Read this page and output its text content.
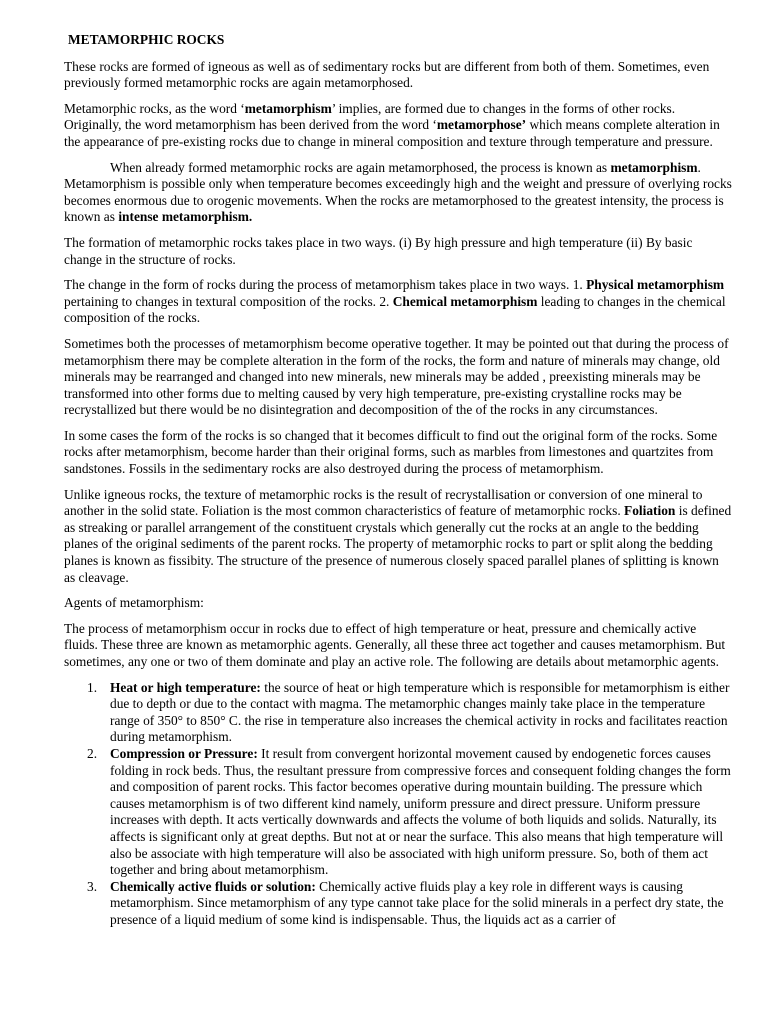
METAMORPHIC ROCKS

These rocks are formed of igneous as well as of sedimentary rocks but are different from both of them. Sometimes, even previously formed metamorphic rocks are again metamorphosed.

Metamorphic rocks, as the word ‘metamorphism’ implies, are formed due to changes in the forms of other rocks. Originally, the word metamorphism has been derived from the word ‘metamorphose’ which means complete alteration in the appearance of pre-existing rocks due to change in mineral composition and texture through temperature and pressure.

When already formed metamorphic rocks are again metamorphosed, the process is known as metamorphism. Metamorphism is possible only when temperature becomes exceedingly high and the weight and pressure of overlying rocks becomes enormous due to orogenic movements. When the rocks are metamorphosed to the greatest intensity, the process is known as intense metamorphism.

The formation of metamorphic rocks takes place in two ways. (i) By high pressure and high temperature (ii) By basic change in the structure of rocks.

The change in the form of rocks during the process of metamorphism takes place in two ways. 1. Physical metamorphism pertaining to changes in textural composition of the rocks. 2. Chemical metamorphism leading to changes in the chemical composition of the rocks.

Sometimes both the processes of metamorphism become operative together. It may be pointed out that during the process of metamorphism there may be complete alteration in the form of the rocks, the form and nature of minerals may change, old minerals may be rearranged and changed into new minerals, new minerals may be added , preexisting minerals may be transformed into other forms due to melting caused by very high temperature, pre-existing crystalline rocks may be recrystallized but there would be no disintegration and decomposition of the of the rocks in any circumstances.

In some cases the form of the rocks is so changed that it becomes difficult to find out the original form of the rocks. Some rocks after metamorphism, become harder than their original forms, such as marbles from limestones and quartzites from sandstones. Fossils in the sedimentary rocks are also destroyed during the process of metamorphism.

Unlike igneous rocks, the texture of metamorphic rocks is the result of recrystallisation or conversion of one mineral to another in the solid state. Foliation is the most common characteristics of feature of metamorphic rocks. Foliation is defined as streaking or parallel arrangement of the constituent crystals which generally cut the rocks at an angle to the bedding planes of the original sediments of the parent rocks. The property of metamorphic rocks to part or split along the bedding planes is known as fissibity. The structure of the presence of numerous closely spaced parallel planes of splitting is known as cleavage.

Agents of metamorphism:

The process of metamorphism occur in rocks due to effect of high temperature or heat, pressure and chemically active fluids. These three are known as metamorphic agents. Generally, all these three act together and causes metamorphism. But sometimes, any one or two of them dominate and play an active role. The following are details about metamorphic agents.

1. Heat or high temperature: the source of heat or high temperature which is responsible for metamorphism is either due to depth or due to the contact with magma. The metamorphic changes mainly take place in the temperature range of 350° to 850° C. the rise in temperature also increases the chemical activity in rocks and facilitates reaction during metamorphism.
2. Compression or Pressure: It result from convergent horizontal movement caused by endogenetic forces causes folding in rock beds. Thus, the resultant pressure from compressive forces and consequent folding changes the form and composition of parent rocks. This factor becomes operative during mountain building. The pressure which causes metamorphism is of two different kind namely, uniform pressure and direct pressure. Uniform pressure increases with depth. It acts vertically downwards and affects the volume of both liquids and solids. Naturally, its affects is significant only at great depths. But not at or near the surface. This also means that high temperature will also be associate with high temperature will also be associated with high uniform pressure. So, both of them act together and bring about metamorphism.
3. Chemically active fluids or solution: Chemically active fluids play a key role in different ways is causing metamorphism. Since metamorphism of any type cannot take place for the solid minerals in a perfect dry state, the presence of a liquid medium of some kind is indispensable. Thus, the liquids act as a carrier of
